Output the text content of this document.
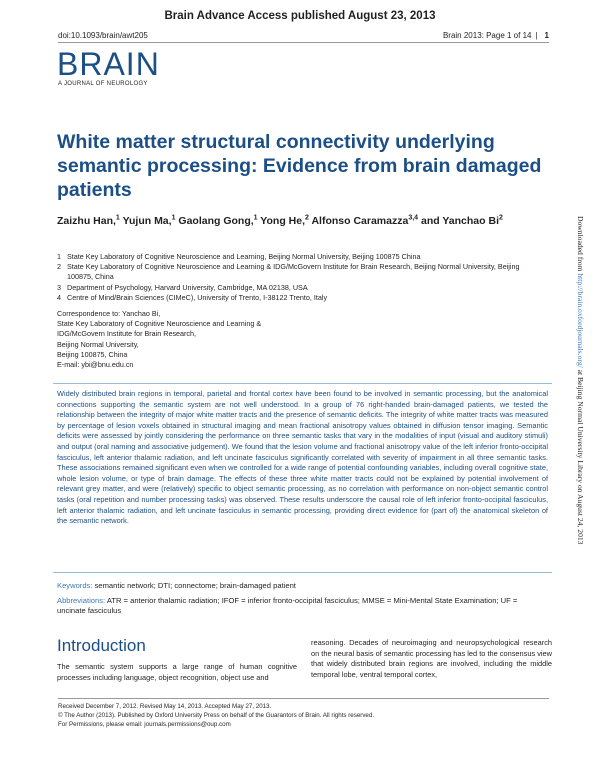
Brain Advance Access published August 23, 2013
doi:10.1093/brain/awt205	Brain 2013: Page 1 of 14 | 1
BRAIN
A JOURNAL OF NEUROLOGY
White matter structural connectivity underlying semantic processing: Evidence from brain damaged patients
Zaizhu Han,$^1$ Yujun Ma,$^1$ Gaolang Gong,$^1$ Yong He,$^2$ Alfonso Caramazza$^{3,4}$ and Yanchao Bi$^2$
1 State Key Laboratory of Cognitive Neuroscience and Learning, Beijing Normal University, Beijing 100875 China
2 State Key Laboratory of Cognitive Neuroscience and Learning & IDG/McGovern Institute for Brain Research, Beijing Normal University, Beijing 100875, China
3 Department of Psychology, Harvard University, Cambridge, MA 02138, USA
4 Centre of Mind/Brain Sciences (CIMeC), University of Trento, I-38122 Trento, Italy
Correspondence to: Yanchao Bi,
State Key Laboratory of Cognitive Neuroscience and Learning &
IDG/McGovern Institute for Brain Research,
Beijing Normal University,
Beijing 100875, China
E-mail: ybi@bnu.edu.cn
Widely distributed brain regions in temporal, parietal and frontal cortex have been found to be involved in semantic processing, but the anatomical connections supporting the semantic system are not well understood. In a group of 76 right-handed brain-damaged patients, we tested the relationship between the integrity of major white matter tracts and the presence of semantic deficits. The integrity of white matter tracts was measured by percentage of lesion voxels obtained in structural imaging and mean fractional anisotropy values obtained in diffusion tensor imaging. Semantic deficits were assessed by jointly considering the performance on three semantic tasks that vary in the modalities of input (visual and auditory stimuli) and output (oral naming and associative judgement). We found that the lesion volume and fractional anisotropy value of the left inferior fronto-occipital fasciculus, left anterior thalamic radiation, and left uncinate fasciculus significantly correlated with severity of impairment in all three semantic tasks. These associations remained significant even when we controlled for a wide range of potential confounding variables, including overall cognitive state, whole lesion volume, or type of brain damage. The effects of these three white matter tracts could not be explained by potential involvement of relevant grey matter, and were (relatively) specific to object semantic processing, as no correlation with performance on non-object semantic control tasks (oral repetition and number processing tasks) was observed. These results underscore the causal role of left inferior fronto-occipital fasciculus, left anterior thalamic radiation, and left uncinate fasciculus in semantic processing, providing direct evidence for (part of) the anatomical skeleton of the semantic network.
Keywords: semantic network; DTI; connectome; brain-damaged patient
Abbreviations: ATR = anterior thalamic radiation; IFOF = inferior fronto-occipital fasciculus; MMSE = Mini-Mental State Examination; UF = uncinate fasciculus
Introduction
The semantic system supports a large range of human cognitive processes including language, object recognition, object use and
reasoning. Decades of neuroimaging and neuropsychological research on the neural basis of semantic processing has led to the consensus view that widely distributed brain regions are involved, including the middle temporal lobe, ventral temporal cortex,
Received December 7, 2012. Revised May 14, 2013. Accepted May 27, 2013.
© The Author (2013). Published by Oxford University Press on behalf of the Guarantors of Brain. All rights reserved.
For Permissions, please email: journals.permissions@oup.com
Downloaded from http://brain.oxfordjournals.org/ at Beijing Normal University Library on August 24, 2013
